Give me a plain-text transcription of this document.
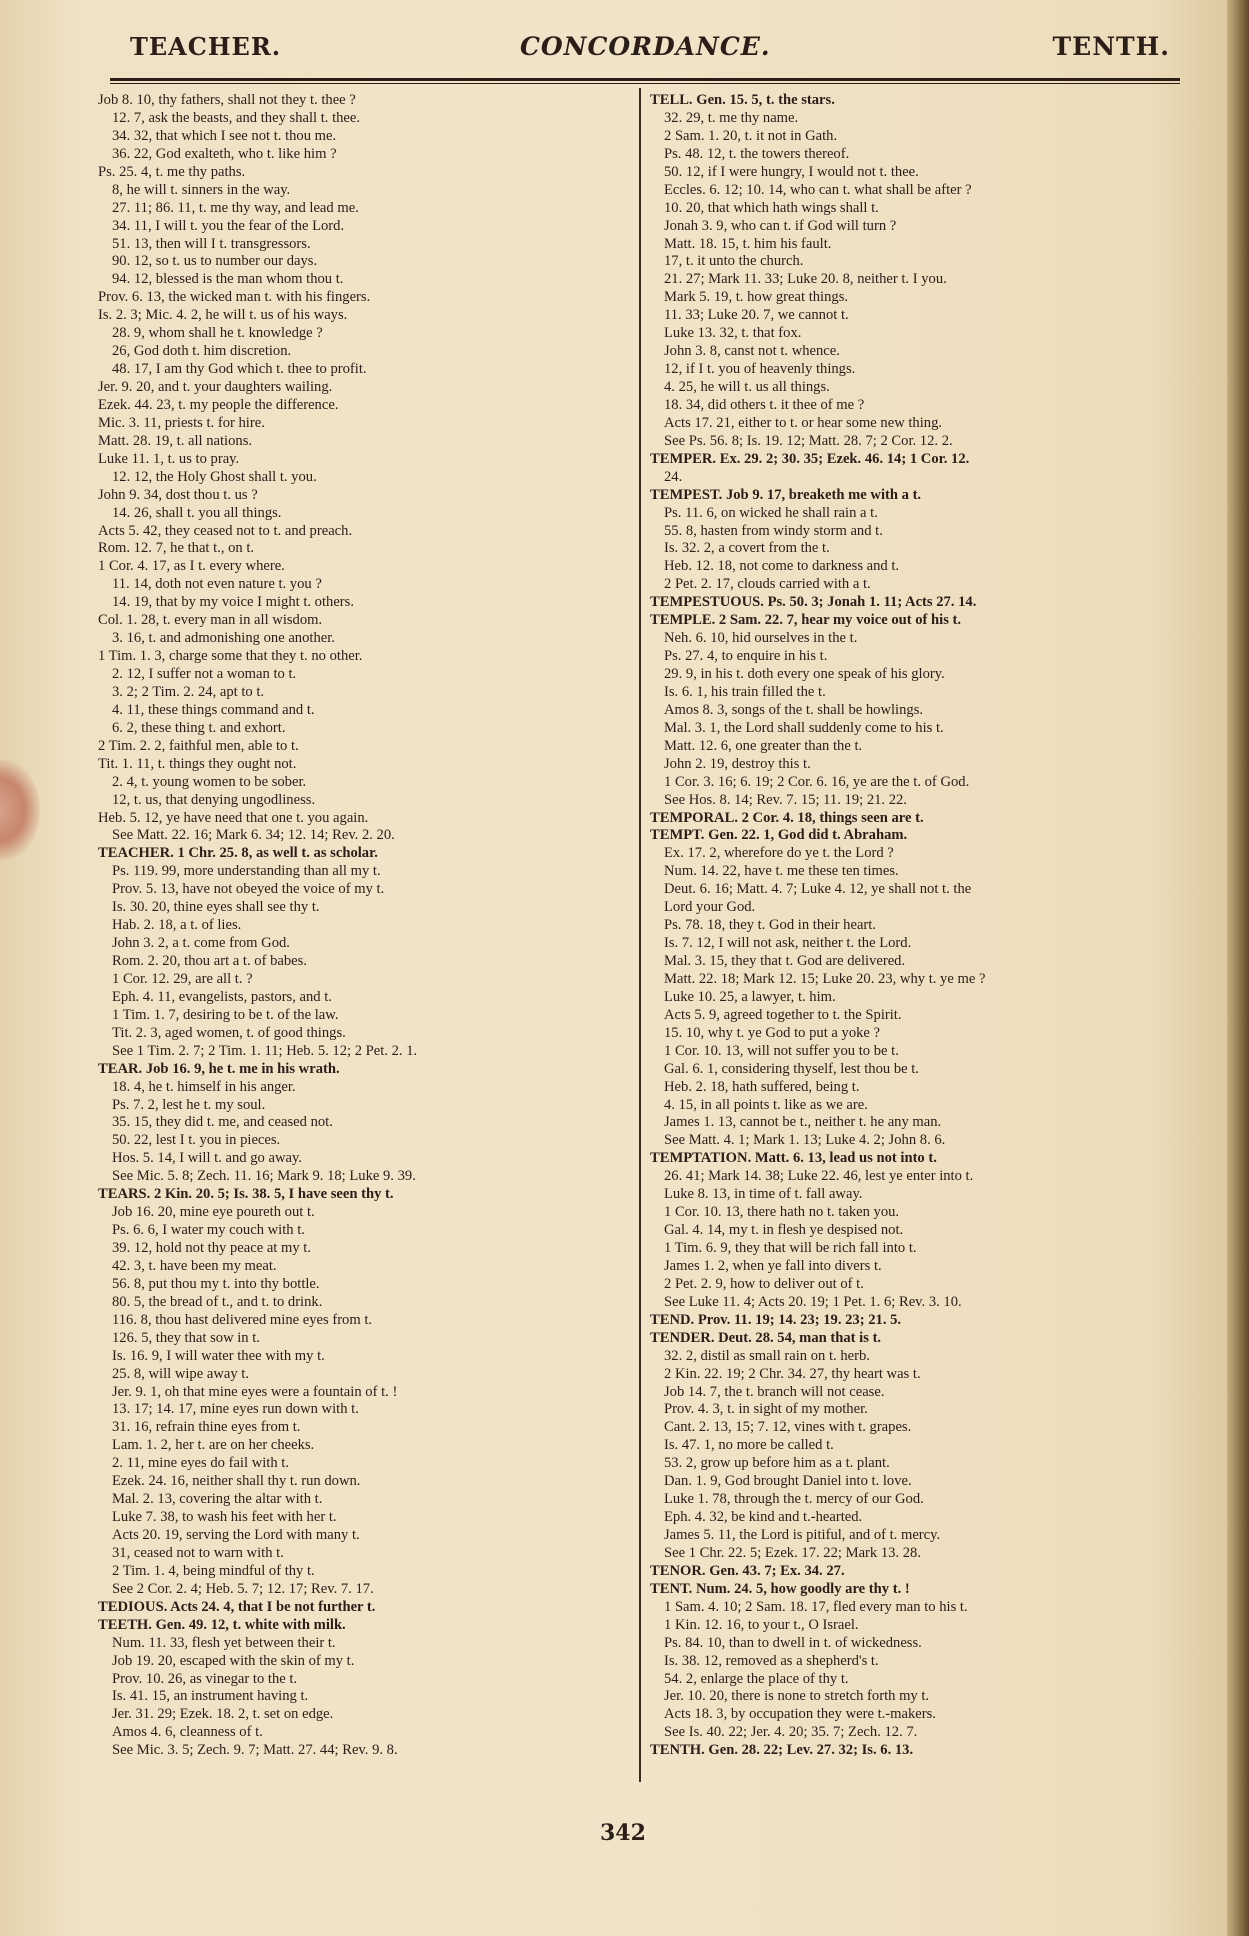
TEACHER.	CONCORDANCE.	TENTH.
Job 8. 10, thy fathers, shall not they t. thee ?
12. 7, ask the beasts, and they shall t. thee.
34. 32, that which I see not t. thou me.
36. 22, God exalteth, who t. like him ?
Ps. 25. 4, t. me thy paths.
8, he will t. sinners in the way.
27. 11; 86. 11, t. me thy way, and lead me.
34. 11, I will t. you the fear of the Lord.
51. 13, then will I t. transgressors.
90. 12, so t. us to number our days.
94. 12, blessed is the man whom thou t.
Prov. 6. 13, the wicked man t. with his fingers.
Is. 2. 3; Mic. 4. 2, he will t. us of his ways.
28. 9, whom shall he t. knowledge ?
26, God doth t. him discretion.
48. 17, I am thy God which t. thee to profit.
Jer. 9. 20, and t. your daughters wailing.
Ezek. 44. 23, t. my people the difference.
Mic. 3. 11, priests t. for hire.
Matt. 28. 19, t. all nations.
Luke 11. 1, t. us to pray.
12. 12, the Holy Ghost shall t. you.
John 9. 34, dost thou t. us ?
14. 26, shall t. you all things.
Acts 5. 42, they ceased not to t. and preach.
Rom. 12. 7, he that t., on t.
1 Cor. 4. 17, as I t. every where.
11. 14, doth not even nature t. you ?
14. 19, that by my voice I might t. others.
Col. 1. 28, t. every man in all wisdom.
3. 16, t. and admonishing one another.
1 Tim. 1. 3, charge some that they t. no other.
2. 12, I suffer not a woman to t.
3. 2; 2 Tim. 2. 24, apt to t.
4. 11, these things command and t.
6. 2, these thing t. and exhort.
2 Tim. 2. 2, faithful men, able to t.
Tit. 1. 11, t. things they ought not.
2. 4, t. young women to be sober.
12, t. us, that denying ungodliness.
Heb. 5. 12, ye have need that one t. you again.
See Matt. 22. 16; Mark 6. 34; 12. 14; Rev. 2. 20.
TEACHER. 1 Chr. 25. 8, as well t. as scholar.
Ps. 119. 99, more understanding than all my t.
Prov. 5. 13, have not obeyed the voice of my t.
Is. 30. 20, thine eyes shall see thy t.
Hab. 2. 18, a t. of lies.
John 3. 2, a t. come from God.
Rom. 2. 20, thou art a t. of babes.
1 Cor. 12. 29, are all t. ?
Eph. 4. 11, evangelists, pastors, and t.
1 Tim. 1. 7, desiring to be t. of the law.
Tit. 2. 3, aged women, t. of good things.
See 1 Tim. 2. 7; 2 Tim. 1. 11; Heb. 5. 12; 2 Pet. 2. 1.
TEAR. Job 16. 9, he t. me in his wrath.
18. 4, he t. himself in his anger.
Ps. 7. 2, lest he t. my soul.
35. 15, they did t. me, and ceased not.
50. 22, lest I t. you in pieces.
Hos. 5. 14, I will t. and go away.
See Mic. 5. 8; Zech. 11. 16; Mark 9. 18; Luke 9. 39.
TEARS. 2 Kin. 20. 5; Is. 38. 5, I have seen thy t.
Job 16. 20, mine eye poureth out t.
Ps. 6. 6, I water my couch with t.
39. 12, hold not thy peace at my t.
42. 3, t. have been my meat.
56. 8, put thou my t. into thy bottle.
80. 5, the bread of t., and t. to drink.
116. 8, thou hast delivered mine eyes from t.
126. 5, they that sow in t.
Is. 16. 9, I will water thee with my t.
25. 8, will wipe away t.
Jer. 9. 1, oh that mine eyes were a fountain of t. !
13. 17; 14. 17, mine eyes run down with t.
31. 16, refrain thine eyes from t.
Lam. 1. 2, her t. are on her cheeks.
2. 11, mine eyes do fail with t.
Ezek. 24. 16, neither shall thy t. run down.
Mal. 2. 13, covering the altar with t.
Luke 7. 38, to wash his feet with her t.
Acts 20. 19, serving the Lord with many t.
31, ceased not to warn with t.
2 Tim. 1. 4, being mindful of thy t.
See 2 Cor. 2. 4; Heb. 5. 7; 12. 17; Rev. 7. 17.
TEDIOUS. Acts 24. 4, that I be not further t.
TEETH. Gen. 49. 12, t. white with milk.
Num. 11. 33, flesh yet between their t.
Job 19. 20, escaped with the skin of my t.
Prov. 10. 26, as vinegar to the t.
Is. 41. 15, an instrument having t.
Jer. 31. 29; Ezek. 18. 2, t. set on edge.
Amos 4. 6, cleanness of t.
See Mic. 3. 5; Zech. 9. 7; Matt. 27. 44; Rev. 9. 8.
TELL. Gen. 15. 5, t. the stars.
32. 29, t. me thy name.
2 Sam. 1. 20, t. it not in Gath.
Ps. 48. 12, t. the towers thereof.
50. 12, if I were hungry, I would not t. thee.
Eccles. 6. 12; 10. 14, who can t. what shall be after ?
10. 20, that which hath wings shall t.
Jonah 3. 9, who can t. if God will turn ?
Matt. 18. 15, t. him his fault.
17, t. it unto the church.
21. 27; Mark 11. 33; Luke 20. 8, neither t. I you.
Mark 5. 19, t. how great things.
11. 33; Luke 20. 7, we cannot t.
Luke 13. 32, t. that fox.
John 3. 8, canst not t. whence.
12, if I t. you of heavenly things.
4. 25, he will t. us all things.
18. 34, did others t. it thee of me ?
Acts 17. 21, either to t. or hear some new thing.
See Ps. 56. 8; Is. 19. 12; Matt. 28. 7; 2 Cor. 12. 2.
TEMPER. Ex. 29. 2; 30. 35; Ezek. 46. 14; 1 Cor. 12.
24.
TEMPEST. Job 9. 17, breaketh me with a t.
Ps. 11. 6, on wicked he shall rain a t.
55. 8, hasten from windy storm and t.
Is. 32. 2, a covert from the t.
Heb. 12. 18, not come to darkness and t.
2 Pet. 2. 17, clouds carried with a t.
TEMPESTUOUS. Ps. 50. 3; Jonah 1. 11; Acts 27. 14.
TEMPLE. 2 Sam. 22. 7, hear my voice out of his t.
Neh. 6. 10, hid ourselves in the t.
Ps. 27. 4, to enquire in his t.
29. 9, in his t. doth every one speak of his glory.
Is. 6. 1, his train filled the t.
Amos 8. 3, songs of the t. shall be howlings.
Mal. 3. 1, the Lord shall suddenly come to his t.
Matt. 12. 6, one greater than the t.
John 2. 19, destroy this t.
1 Cor. 3. 16; 6. 19; 2 Cor. 6. 16, ye are the t. of God.
See Hos. 8. 14; Rev. 7. 15; 11. 19; 21. 22.
TEMPORAL. 2 Cor. 4. 18, things seen are t.
TEMPT. Gen. 22. 1, God did t. Abraham.
Ex. 17. 2, wherefore do ye t. the Lord ?
Num. 14. 22, have t. me these ten times.
Deut. 6. 16; Matt. 4. 7; Luke 4. 12, ye shall not t. the
Lord your God.
Ps. 78. 18, they t. God in their heart.
Is. 7. 12, I will not ask, neither t. the Lord.
Mal. 3. 15, they that t. God are delivered.
Matt. 22. 18; Mark 12. 15; Luke 20. 23, why t. ye me ?
Luke 10. 25, a lawyer, t. him.
Acts 5. 9, agreed together to t. the Spirit.
15. 10, why t. ye God to put a yoke ?
1 Cor. 10. 13, will not suffer you to be t.
Gal. 6. 1, considering thyself, lest thou be t.
Heb. 2. 18, hath suffered, being t.
4. 15, in all points t. like as we are.
James 1. 13, cannot be t., neither t. he any man.
See Matt. 4. 1; Mark 1. 13; Luke 4. 2; John 8. 6.
TEMPTATION. Matt. 6. 13, lead us not into t.
26. 41; Mark 14. 38; Luke 22. 46, lest ye enter into t.
Luke 8. 13, in time of t. fall away.
1 Cor. 10. 13, there hath no t. taken you.
Gal. 4. 14, my t. in flesh ye despised not.
1 Tim. 6. 9, they that will be rich fall into t.
James 1. 2, when ye fall into divers t.
2 Pet. 2. 9, how to deliver out of t.
See Luke 11. 4; Acts 20. 19; 1 Pet. 1. 6; Rev. 3. 10.
TEND. Prov. 11. 19; 14. 23; 19. 23; 21. 5.
TENDER. Deut. 28. 54, man that is t.
32. 2, distil as small rain on t. herb.
2 Kin. 22. 19; 2 Chr. 34. 27, thy heart was t.
Job 14. 7, the t. branch will not cease.
Prov. 4. 3, t. in sight of my mother.
Cant. 2. 13, 15; 7. 12, vines with t. grapes.
Is. 47. 1, no more be called t.
53. 2, grow up before him as a t. plant.
Dan. 1. 9, God brought Daniel into t. love.
Luke 1. 78, through the t. mercy of our God.
Eph. 4. 32, be kind and t.-hearted.
James 5. 11, the Lord is pitiful, and of t. mercy.
See 1 Chr. 22. 5; Ezek. 17. 22; Mark 13. 28.
TENOR. Gen. 43. 7; Ex. 34. 27.
TENT. Num. 24. 5, how goodly are thy t. !
1 Sam. 4. 10; 2 Sam. 18. 17, fled every man to his t.
1 Kin. 12. 16, to your t., O Israel.
Ps. 84. 10, than to dwell in t. of wickedness.
Is. 38. 12, removed as a shepherd's t.
54. 2, enlarge the place of thy t.
Jer. 10. 20, there is none to stretch forth my t.
Acts 18. 3, by occupation they were t.-makers.
See Is. 40. 22; Jer. 4. 20; 35. 7; Zech. 12. 7.
TENTH. Gen. 28. 22; Lev. 27. 32; Is. 6. 13.
342
